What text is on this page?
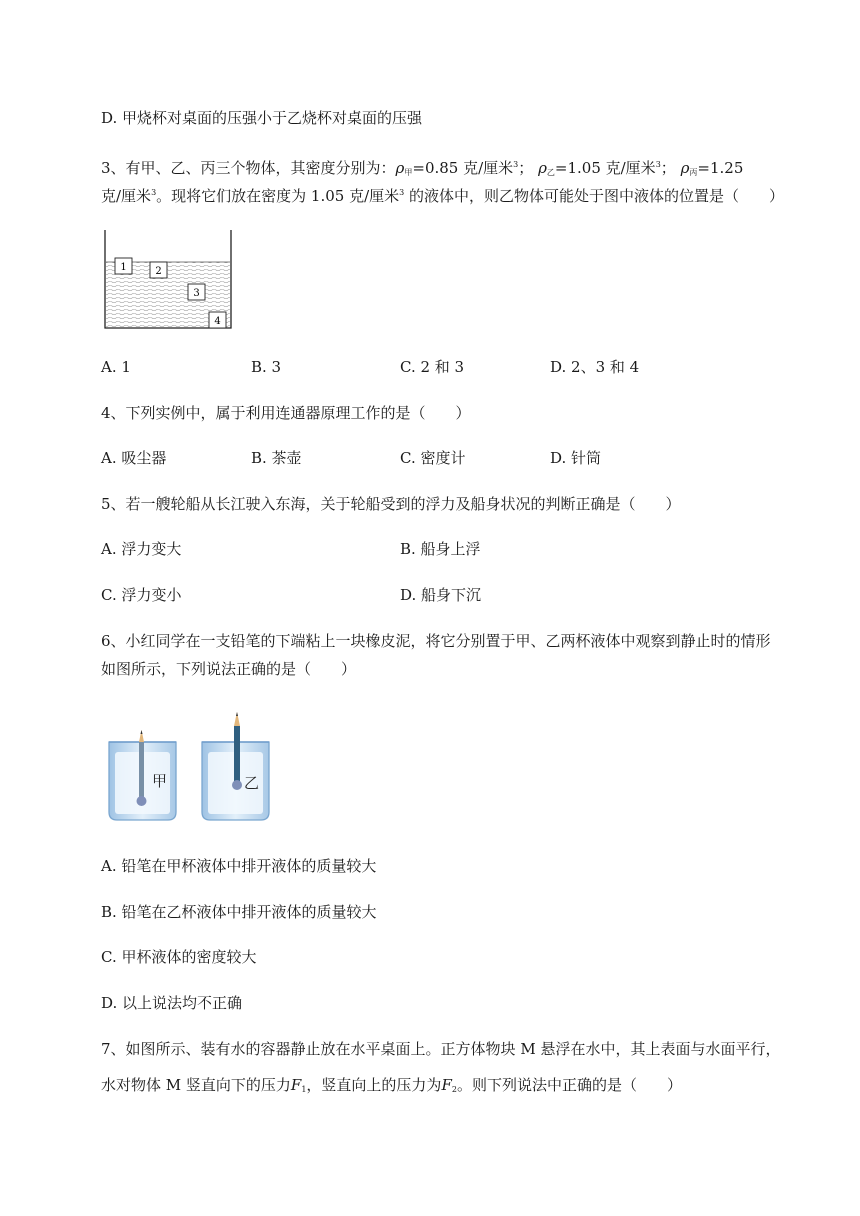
D. 甲烧杯对桌面的压强小于乙烧杯对桌面的压强
3、有甲、乙、丙三个物体，其密度分别为：$\rho_甲=0.85$ 克/厘米$^3$； $\rho_乙=1.05$ 克/厘米$^3$； $\rho_丙=1.25$
克/厘米$^3$。现将它们放在密度为 1.05 克/厘米$^3$ 的液体中，则乙物体可能处于图中液体的位置是（　　）
1	2
3
4
A. 1	B. 3	C. 2 和 3	D. 2、3 和 4
4、下列实例中，属于利用连通器原理工作的是（　　）
A. 吸尘器	B. 茶壶	C. 密度计	D. 针筒
5、若一艘轮船从长江驶入东海，关于轮船受到的浮力及船身状况的判断正确是（　　）
A. 浮力变大	B. 船身上浮
C. 浮力变小	D. 船身下沉
6、小红同学在一支铅笔的下端粘上一块橡皮泥，将它分别置于甲、乙两杯液体中观察到静止时的情形
如图所示，下列说法正确的是（　　）
甲	乙
A. 铅笔在甲杯液体中排开液体的质量较大
B. 铅笔在乙杯液体中排开液体的质量较大
C. 甲杯液体的密度较大
D. 以上说法均不正确
7、如图所示、装有水的容器静止放在水平桌面上。正方体物块 M 悬浮在水中，其上表面与水面平行，
水对物体 M 竖直向下的压力$F_1$，竖直向上的压力为$F_2$。则下列说法中正确的是（　　）
